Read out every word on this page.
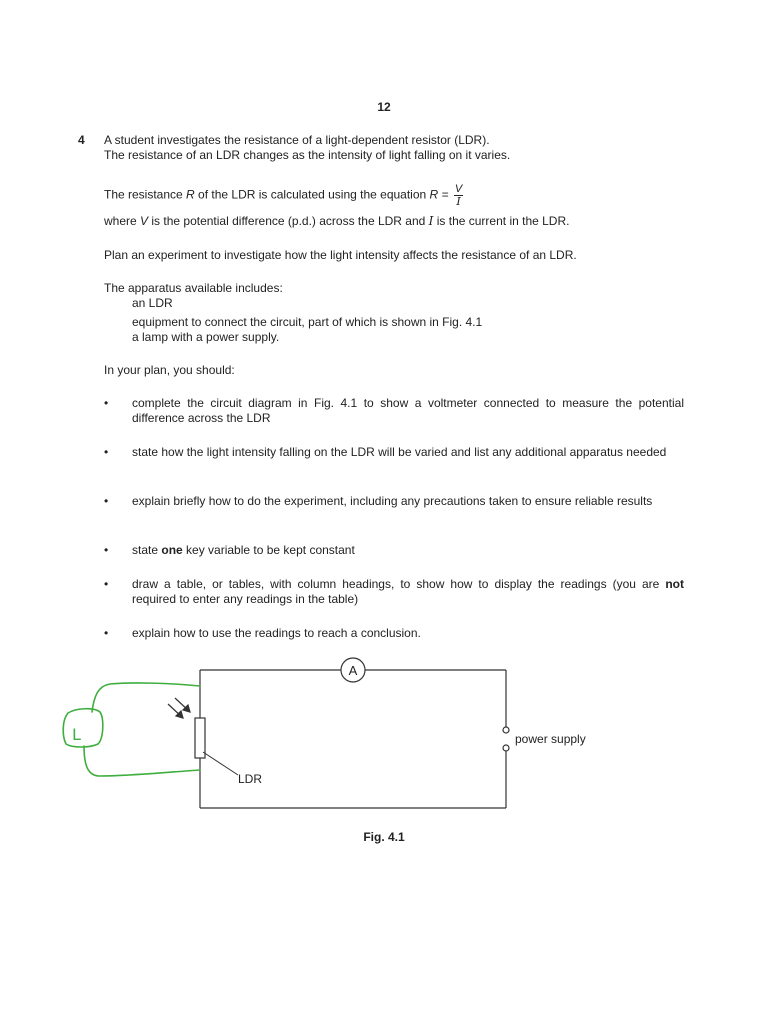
12
4 A student investigates the resistance of a light-dependent resistor (LDR).
The resistance of an LDR changes as the intensity of light falling on it varies.
The resistance R of the LDR is calculated using the equation $R = \frac{V}{I}$
where V is the potential difference (p.d.) across the LDR and I is the current in the LDR.
Plan an experiment to investigate how the light intensity affects the resistance of an LDR.
The apparatus available includes:
an LDR
equipment to connect the circuit, part of which is shown in Fig. 4.1
a lamp with a power supply.
In your plan, you should:
• complete the circuit diagram in Fig. 4.1 to show a voltmeter connected to measure the potential difference across the LDR
• state how the light intensity falling on the LDR will be varied and list any additional apparatus needed
• explain briefly how to do the experiment, including any precautions taken to ensure reliable results
• state one key variable to be kept constant
• draw a table, or tables, with column headings, to show how to display the readings (you are not required to enter any readings in the table)
• explain how to use the readings to reach a conclusion.
A
power supply
LDR
L
Fig. 4.1
